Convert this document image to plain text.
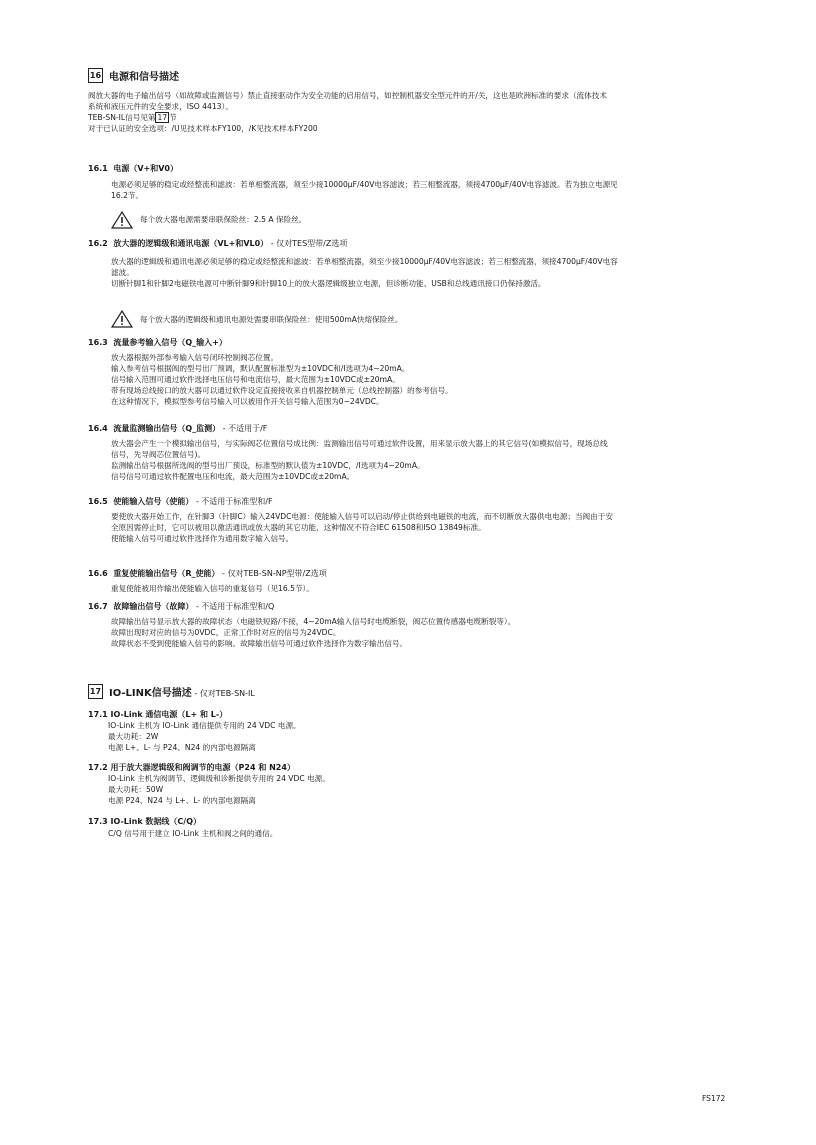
16 电源和信号描述
阀放大器的电子输出信号（如故障或监测信号）禁止直接驱动作为安全功能的启用信号，如控制机器安全型元件的开/关，这也是欧洲标准的要求（流体技术
系统和液压元件的安全要求，ISO 4413）。
TEB-SN-IL信号见第 17 节
对于已认证的安全选项：/U见技术样本FY100，/K见技术样本FY200
16.1 电源（V+和V0）
电源必须足够的稳定或经整流和滤波：若单相整流器，须至少接10000μF/40V电容滤波；若三相整流器，须接4700μF/40V电容滤波。若为独立电源见
16.2节。
每个放大器电源需要串联保险丝：2.5 A 保险丝。
16.2 放大器的逻辑级和通讯电源（VL+和VL0） - 仅对TES型带/Z选项
放大器的逻辑级和通讯电源必须足够的稳定或经整流和滤波：若单相整流器，须至少接10000μF/40V电容滤波；若三相整流器，须接4700μF/40V电容
滤波。
切断针脚1和针脚2电磁铁电源可中断针脚9和针脚10上的放大器逻辑级独立电源，但诊断功能、USB和总线通讯接口仍保持激活。
每个放大器的逻辑级和通讯电源处需要串联保险丝：使用500mA快熔保险丝。
16.3 流量参考输入信号（Q_输入+）
放大器根据外部参考输入信号闭环控制阀芯位置。
输入参考信号根据阀的型号出厂预调，默认配置标准型为±10VDC和/I选项为4~20mA。
信号输入范围可通过软件选择电压信号和电流信号，最大范围为±10VDC或±20mA。
带有现场总线接口的放大器可以通过软件设定直接接收来自机器控制单元（总线控制器）的参考信号。
在这种情况下，模拟型参考信号输入可以被用作开关信号输入范围为0~24VDC。
16.4 流量监测输出信号（Q_监测） - 不适用于/F
放大器会产生一个模拟输出信号，与实际阀芯位置信号成比例：监测输出信号可通过软件设置，用来显示放大器上的其它信号(如模拟信号，现场总线
信号，先导阀芯位置信号)。
监测输出信号根据所选阀的型号出厂预设，标准型的默认值为±10VDC，/I选项为4~20mA。
信号信号可通过软件配置电压和电流，最大范围为±10VDC或±20mA。
16.5 使能输入信号（使能） - 不适用于标准型和/F
要使放大器开始工作，在针脚3（针脚C）输入24VDC电源：使能输入信号可以启动/停止供给到电磁铁的电流，而不切断放大器供电电源；当阀由于安
全原因需停止时，它可以被用以激活通讯或放大器的其它功能，这种情况不符合IEC 61508和ISO 13849标准。
使能输入信号可通过软件选择作为通用数字输入信号。
16.6 重复使能输出信号（R_使能） - 仅对TEB-SN-NP型带/Z选项
重复使能被用作输出使能输入信号的重复信号（见16.5节）。
16.7 故障输出信号（故障） - 不适用于标准型和/Q
故障输出信号显示放大器的故障状态（电磁铁短路/不接，4~20mA输入信号时电缆断裂，阀芯位置传感器电缆断裂等）。
故障出现时对应的信号为0VDC，正常工作时对应的信号为24VDC。
故障状态不受到使能输入信号的影响。故障输出信号可通过软件选择作为数字输出信号。
17 IO-LINK信号描述 - 仅对TEB-SN-IL
17.1 IO-Link 通信电源（L+ 和 L-）
IO-Link 主机为 IO-Link 通信提供专用的 24 VDC 电源。
最大功耗：2W
电源 L+、L- 与 P24、N24 的内部电源隔离
17.2 用于放大器逻辑级和阀调节的电源（P24 和 N24）
IO-Link 主机为阀调节、逻辑级和诊断提供专用的 24 VDC 电源。
最大功耗：50W
电源 P24、N24 与 L+、L- 的内部电源隔离
17.3 IO-Link 数据线（C/Q）
C/Q 信号用于建立 IO-Link 主机和阀之间的通信。
FS172
